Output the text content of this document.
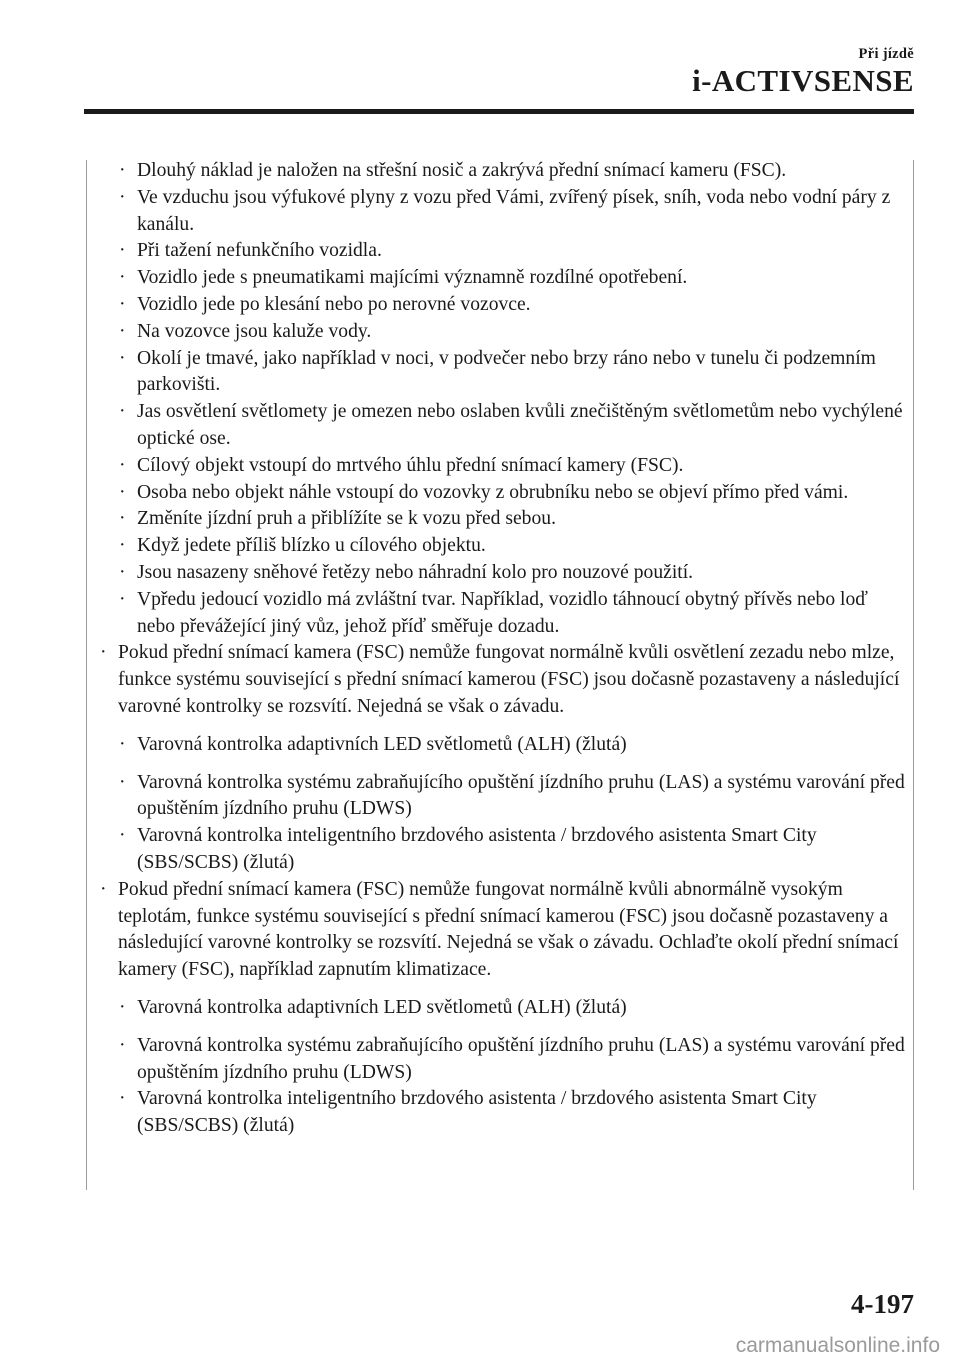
Při jízdě
i-ACTIVSENSE

· Dlouhý náklad je naložen na střešní nosič a zakrývá přední snímací kameru (FSC).

· Ve vzduchu jsou výfukové plyny z vozu před Vámi, zvířený písek, sníh, voda nebo vodní páry z kanálu.

· Při tažení nefunkčního vozidla.

· Vozidlo jede s pneumatikami majícími významně rozdílné opotřebení.

· Vozidlo jede po klesání nebo po nerovné vozovce.

· Na vozovce jsou kaluže vody.

· Okolí je tmavé, jako například v noci, v podvečer nebo brzy ráno nebo v tunelu či podzemním parkovišti.

· Jas osvětlení světlomety je omezen nebo oslaben kvůli znečištěným světlometům nebo vychýlené optické ose.

· Cílový objekt vstoupí do mrtvého úhlu přední snímací kamery (FSC).

· Osoba nebo objekt náhle vstoupí do vozovky z obrubníku nebo se objeví přímo před vámi.

· Změníte jízdní pruh a přiblížíte se k vozu před sebou.

· Když jedete příliš blízko u cílového objektu.

· Jsou nasazeny sněhové řetězy nebo náhradní kolo pro nouzové použití.

· Vpředu jedoucí vozidlo má zvláštní tvar. Například, vozidlo táhnoucí obytný přívěs nebo loď nebo převážející jiný vůz, jehož příď směřuje dozadu.

· Pokud přední snímací kamera (FSC) nemůže fungovat normálně kvůli osvětlení zezadu nebo mlze, funkce systému související s přední snímací kamerou (FSC) jsou dočasně pozastaveny a následující varovné kontrolky se rozsvítí. Nejedná se však o závadu.

· Varovná kontrolka adaptivních LED světlometů (ALH) (žlutá)

· Varovná kontrolka systému zabraňujícího opuštění jízdního pruhu (LAS) a systému varování před opuštěním jízdního pruhu (LDWS)

· Varovná kontrolka inteligentního brzdového asistenta / brzdového asistenta Smart City (SBS/SCBS) (žlutá)

· Pokud přední snímací kamera (FSC) nemůže fungovat normálně kvůli abnormálně vysokým teplotám, funkce systému související s přední snímací kamerou (FSC) jsou dočasně pozastaveny a následující varovné kontrolky se rozsvítí. Nejedná se však o závadu. Ochlaďte okolí přední snímací kamery (FSC), například zapnutím klimatizace.

· Varovná kontrolka adaptivních LED světlometů (ALH) (žlutá)

· Varovná kontrolka systému zabraňujícího opuštění jízdního pruhu (LAS) a systému varování před opuštěním jízdního pruhu (LDWS)

· Varovná kontrolka inteligentního brzdového asistenta / brzdového asistenta Smart City (SBS/SCBS) (žlutá)

4-197
carmanualsonline.info
